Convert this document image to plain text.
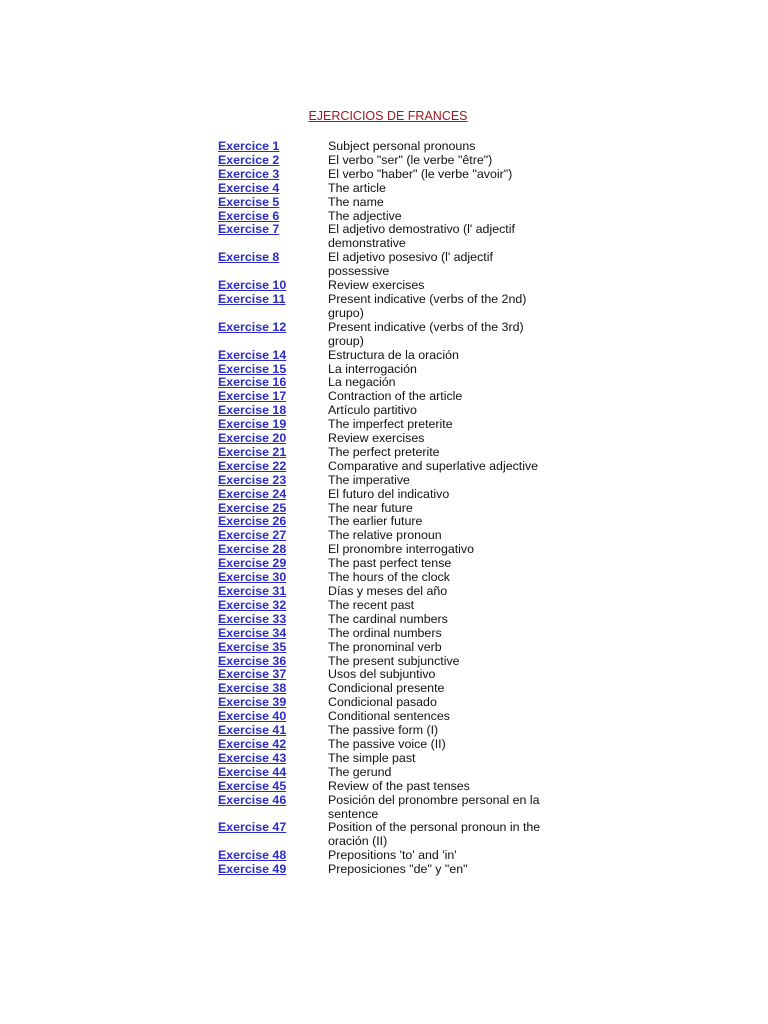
EJERCICIOS DE FRANCES
Exercice 1	Subject personal pronouns
Exercice 2	El verbo "ser" (le verbe "être")
Exercice 3	El verbo "haber" (le verbe "avoir")
Exercise 4	The article
Exercise 5	The name
Exercise 6	The adjective
Exercise 7	El adjetivo demostrativo (l' adjectif demonstrative
Exercise 8	El adjetivo posesivo (l' adjectif possessive
Exercise 10	Review exercises
Exercise 11	Present indicative (verbs of the 2nd) grupo)
Exercise 12	Present indicative (verbs of the 3rd) group)
Exercise 14	Estructura de la oración
Exercise 15	La interrogación
Exercise 16	La negación
Exercise 17	Contraction of the article
Exercise 18	Artículo partitivo
Exercise 19	The imperfect preterite
Exercise 20	Review exercises
Exercise 21	The perfect preterite
Exercise 22	Comparative and superlative adjective
Exercise 23	The imperative
Exercise 24	El futuro del indicativo
Exercise 25	The near future
Exercise 26	The earlier future
Exercise 27	The relative pronoun
Exercise 28	El pronombre interrogativo
Exercise 29	The past perfect tense
Exercise 30	The hours of the clock
Exercise 31	Días y meses del año
Exercise 32	The recent past
Exercise 33	The cardinal numbers
Exercise 34	The ordinal numbers
Exercise 35	The pronominal verb
Exercise 36	The present subjunctive
Exercise 37	Usos del subjuntivo
Exercise 38	Condicional presente
Exercise 39	Condicional pasado
Exercise 40	Conditional sentences
Exercise 41	The passive form (I)
Exercise 42	The passive voice (II)
Exercise 43	The simple past
Exercise 44	The gerund
Exercise 45	Review of the past tenses
Exercise 46	Posición del pronombre personal en la sentence
Exercise 47	Position of the personal pronoun in the oración (II)
Exercise 48	Prepositions 'to' and 'in'
Exercise 49	Preposiciones "de" y "en"
